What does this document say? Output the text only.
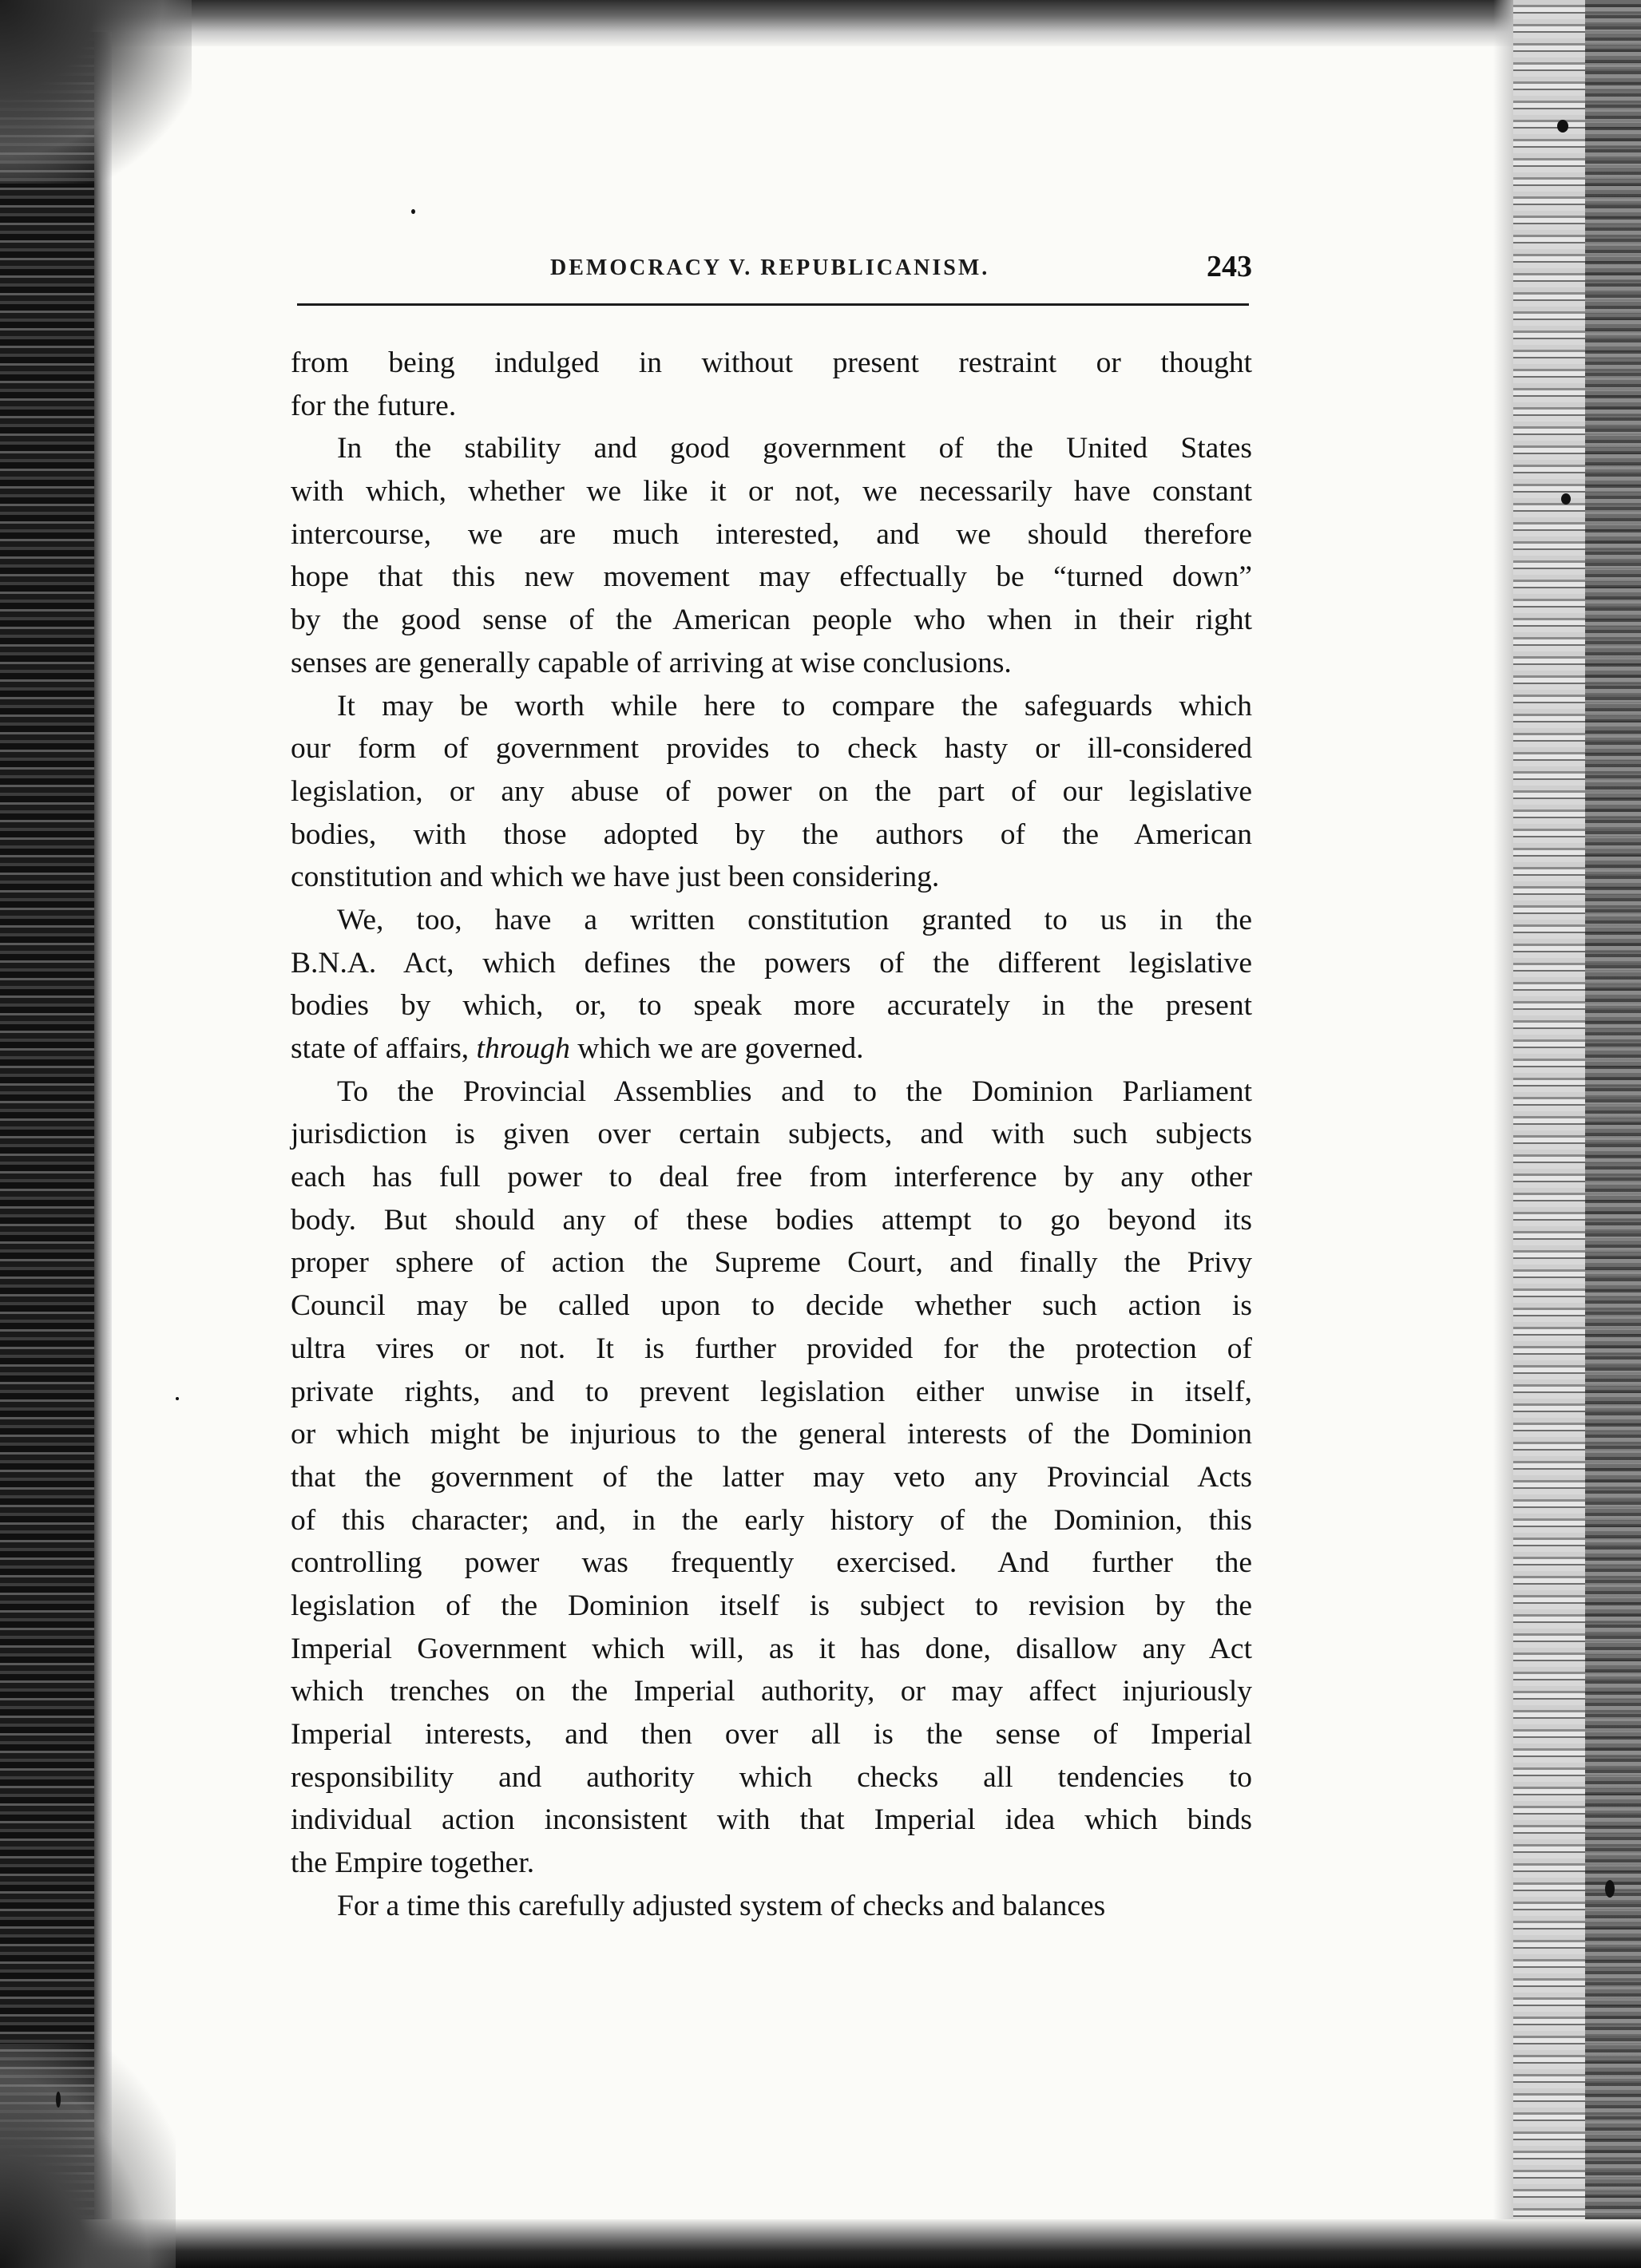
DEMOCRACY V. REPUBLICANISM.	243
from being indulged in without present restraint or thought
for the future.
In the stability and good government of the United States
with which, whether we like it or not, we necessarily have constant
intercourse, we are much interested, and we should therefore
hope that this new movement may effectually be “turned down”
by the good sense of the American people who when in their right
senses are generally capable of arriving at wise conclusions.
It may be worth while here to compare the safeguards which
our form of government provides to check hasty or ill-considered
legislation, or any abuse of power on the part of our legislative
bodies, with those adopted by the authors of the American
constitution and which we have just been considering.
We, too, have a written constitution granted to us in the
B.N.A. Act, which defines the powers of the different legislative
bodies by which, or, to speak more accurately in the present
state of affairs, through which we are governed.
To the Provincial Assemblies and to the Dominion Parliament
jurisdiction is given over certain subjects, and with such subjects
each has full power to deal free from interference by any other
body. But should any of these bodies attempt to go beyond its
proper sphere of action the Supreme Court, and finally the Privy
Council may be called upon to decide whether such action is
ultra vires or not. It is further provided for the protection of
private rights, and to prevent legislation either unwise in itself,
or which might be injurious to the general interests of the Dominion
that the government of the latter may veto any Provincial Acts
of this character; and, in the early history of the Dominion, this
controlling power was frequently exercised. And further the
legislation of the Dominion itself is subject to revision by the
Imperial Government which will, as it has done, disallow any Act
which trenches on the Imperial authority, or may affect injuriously
Imperial interests, and then over all is the sense of Imperial
responsibility and authority which checks all tendencies to
individual action inconsistent with that Imperial idea which binds
the Empire together.
For a time this carefully adjusted system of checks and balances
